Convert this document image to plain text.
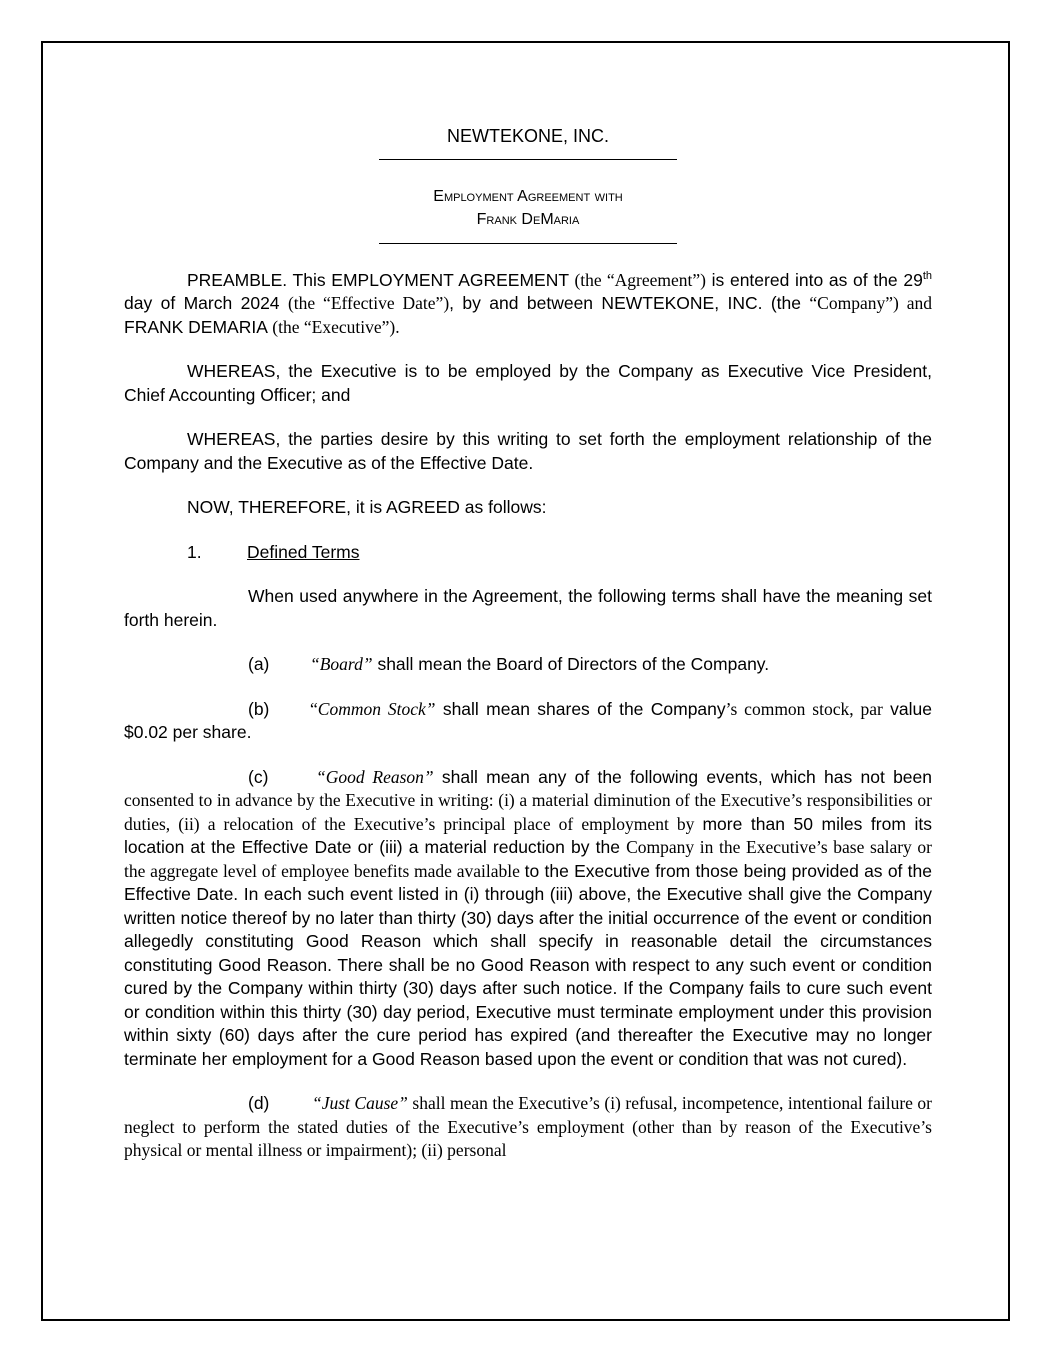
NEWTEKONE, INC.
Employment Agreement with
Frank DeMaria

PREAMBLE. This EMPLOYMENT AGREEMENT (the “Agreement”) is entered into as of the 29th day of March 2024 (the “Effective Date”), by and between NEWTEKONE, INC. (the “Company”) and FRANK DEMARIA (the “Executive”).

WHEREAS, the Executive is to be employed by the Company as Executive Vice President, Chief Accounting Officer; and

WHEREAS, the parties desire by this writing to set forth the employment relationship of the Company and the Executive as of the Effective Date.

NOW, THEREFORE, it is AGREED as follows:

1.	Defined Terms

When used anywhere in the Agreement, the following terms shall have the meaning set forth herein.

(a) “Board” shall mean the Board of Directors of the Company.

(b) “Common Stock” shall mean shares of the Company’s common stock, par value $0.02 per share.

(c)	“Good Reason” shall mean any of the following events, which has not been consented to in advance by the Executive in writing: (i) a material diminution of the Executive’s responsibilities or duties, (ii) a relocation of the Executive’s principal place of employment by more than 50 miles from its location at the Effective Date or (iii) a material reduction by the Company in the Executive’s base salary or the aggregate level of employee benefits made available to the Executive from those being provided as of the Effective Date. In each such event listed in (i) through (iii) above, the Executive shall give the Company written notice thereof by no later than thirty (30) days after the initial occurrence of the event or condition allegedly constituting Good Reason which shall specify in reasonable detail the circumstances constituting Good Reason. There shall be no Good Reason with respect to any such event or condition cured by the Company within thirty (30) days after such notice. If the Company fails to cure such event or condition within this thirty (30) day period, Executive must terminate employment under this provision within sixty (60) days after the cure period has expired (and thereafter the Executive may no longer terminate her employment for a Good Reason based upon the event or condition that was not cured).

(d) “Just Cause” shall mean the Executive’s (i) refusal, incompetence, intentional failure or neglect to perform the stated duties of the Executive’s employment (other than by reason of the Executive’s physical or mental illness or impairment); (ii) personal
